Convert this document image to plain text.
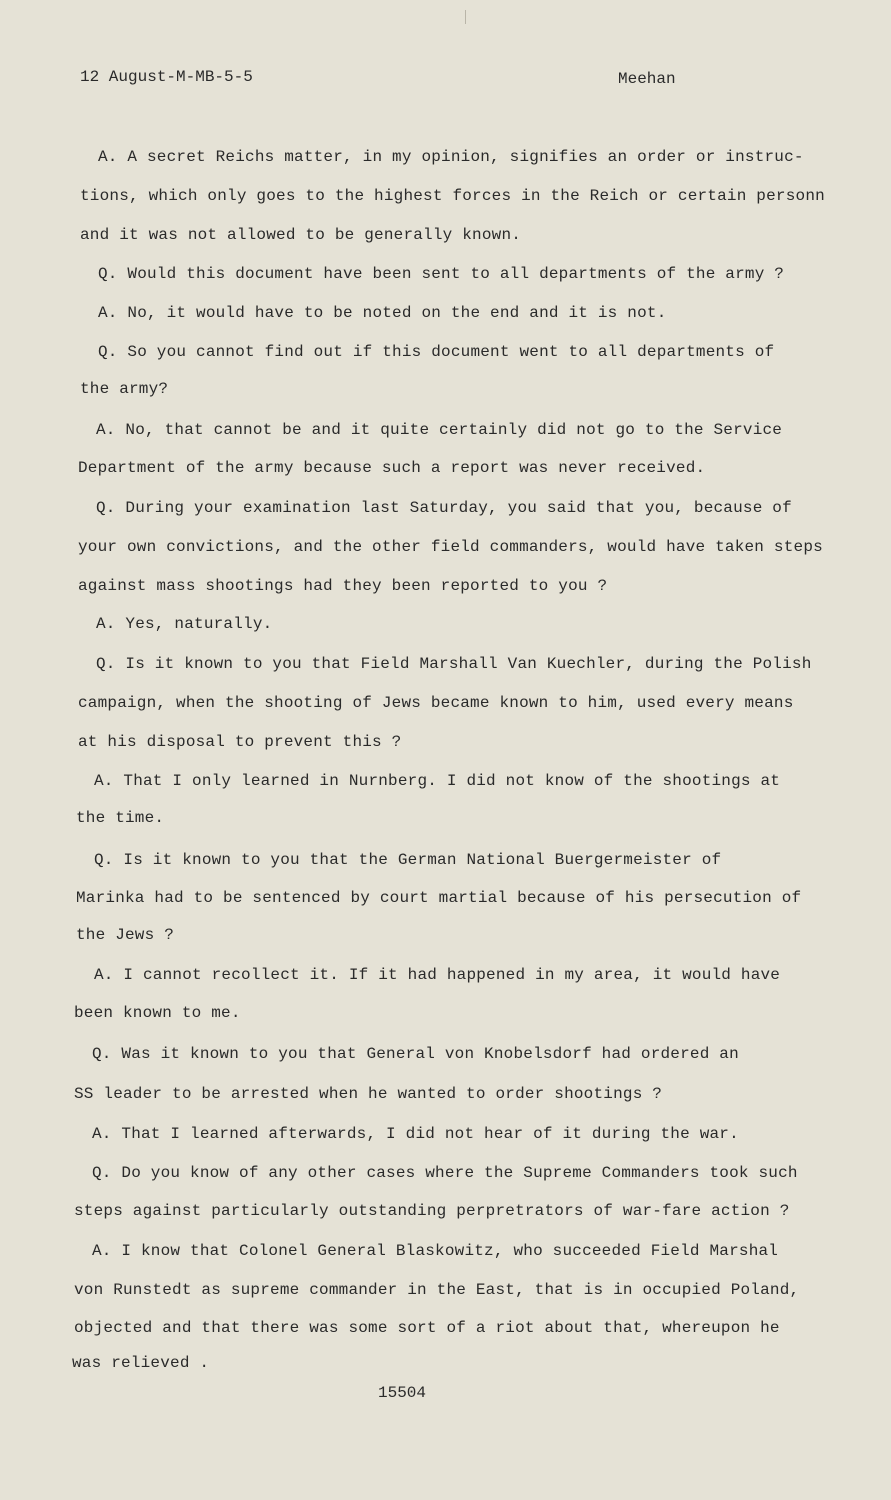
12 August-M-MB-5-5	Meehan
A. A secret Reichs matter, in my opinion, signifies an order or instruc-
tions, which only goes to the highest forces in the Reich or certain personn
and it was not allowed to be generally known.
Q. Would this document have been sent to all departments of the army ?
A. No, it would have to be noted on the end and it is not.
Q. So you cannot find out if this document went to all departments of
the army?
A. No, that cannot be and it quite certainly did not go to the Service
Department of the army because such a report was never received.
Q. During your examination last Saturday, you said that you, because of
your own convictions, and the other field commanders, would have taken steps
against mass shootings had they been reported to you ?
A. Yes, naturally.
Q. Is it known to you that Field Marshall Van Kuechler, during the Polish
campaign, when the shooting of Jews became known to him, used every means
at his disposal to prevent this ?
A. That I only learned in Nurnberg. I did not know of the shootings at
the time.
Q. Is it known to you that the German National Buergermeister of
Marinka had to be sentenced by court martial because of his persecution of
the Jews ?
A. I cannot recollect it. If it had happened in my area, it would have
been known to me.
Q. Was it known to you that General von Knobelsdorf had ordered an
SS leader to be arrested when he wanted to order shootings ?
A. That I learned afterwards, I did not hear of it during the war.
Q. Do you know of any other cases where the Supreme Commanders took such
steps against particularly outstanding perpretrators of war-fare action ?
A. I know that Colonel General Blaskowitz, who succeeded Field Marshal
von Runstedt as supreme commander in the East, that is in occupied Poland,
objected and that there was some sort of a riot about that, whereupon he
was relieved .
15504
